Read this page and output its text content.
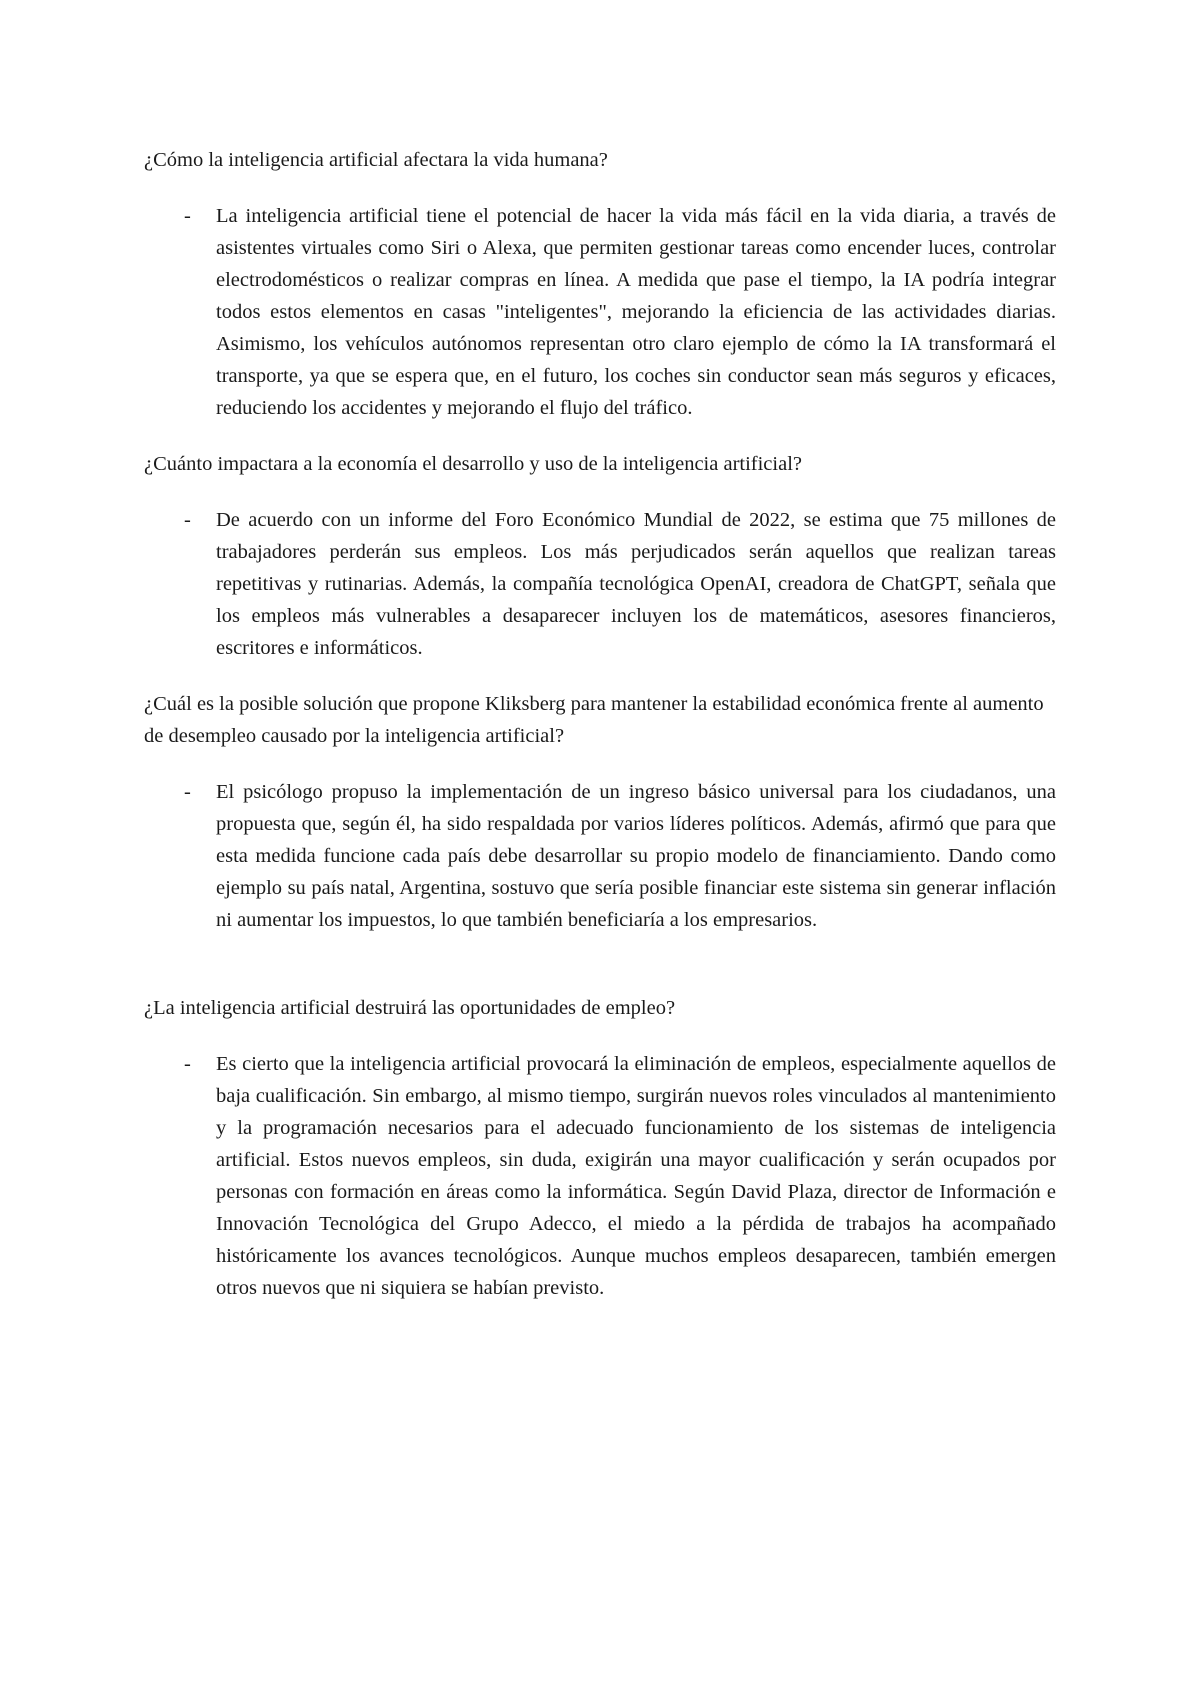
¿Cómo la inteligencia artificial afectara la vida humana?

- La inteligencia artificial tiene el potencial de hacer la vida más fácil en la vida diaria, a través de asistentes virtuales como Siri o Alexa, que permiten gestionar tareas como encender luces, controlar electrodomésticos o realizar compras en línea. A medida que pase el tiempo, la IA podría integrar todos estos elementos en casas "inteligentes", mejorando la eficiencia de las actividades diarias. Asimismo, los vehículos autónomos representan otro claro ejemplo de cómo la IA transformará el transporte, ya que se espera que, en el futuro, los coches sin conductor sean más seguros y eficaces, reduciendo los accidentes y mejorando el flujo del tráfico.

¿Cuánto impactara a la economía el desarrollo y uso de la inteligencia artificial?

- De acuerdo con un informe del Foro Económico Mundial de 2022, se estima que 75 millones de trabajadores perderán sus empleos. Los más perjudicados serán aquellos que realizan tareas repetitivas y rutinarias. Además, la compañía tecnológica OpenAI, creadora de ChatGPT, señala que los empleos más vulnerables a desaparecer incluyen los de matemáticos, asesores financieros, escritores e informáticos.

¿Cuál es la posible solución que propone Kliksberg para mantener la estabilidad económica frente al aumento de desempleo causado por la inteligencia artificial?

- El psicólogo propuso la implementación de un ingreso básico universal para los ciudadanos, una propuesta que, según él, ha sido respaldada por varios líderes políticos. Además, afirmó que para que esta medida funcione cada país debe desarrollar su propio modelo de financiamiento. Dando como ejemplo su país natal, Argentina, sostuvo que sería posible financiar este sistema sin generar inflación ni aumentar los impuestos, lo que también beneficiaría a los empresarios.

¿La inteligencia artificial destruirá las oportunidades de empleo?

- Es cierto que la inteligencia artificial provocará la eliminación de empleos, especialmente aquellos de baja cualificación. Sin embargo, al mismo tiempo, surgirán nuevos roles vinculados al mantenimiento y la programación necesarios para el adecuado funcionamiento de los sistemas de inteligencia artificial. Estos nuevos empleos, sin duda, exigirán una mayor cualificación y serán ocupados por personas con formación en áreas como la informática. Según David Plaza, director de Información e Innovación Tecnológica del Grupo Adecco, el miedo a la pérdida de trabajos ha acompañado históricamente los avances tecnológicos. Aunque muchos empleos desaparecen, también emergen otros nuevos que ni siquiera se habían previsto.
